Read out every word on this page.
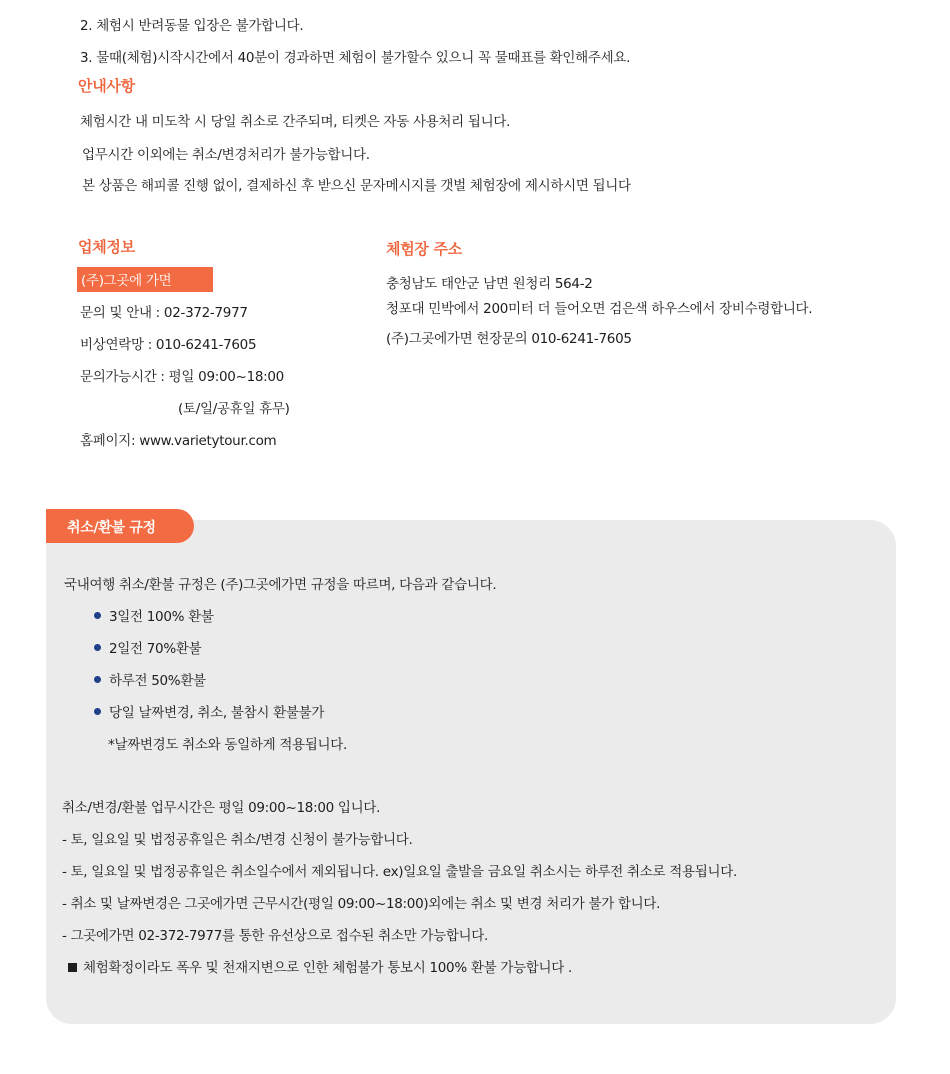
2. 체험시 반려동물 입장은 불가합니다.
3. 물때(체험)시작시간에서 40분이 경과하면 체험이 불가할수 있으니 꼭 물때표를 확인해주세요.
안내사항
체험시간 내 미도착 시 당일 취소로 간주되며, 티켓은 자동 사용처리 됩니다.
업무시간 이외에는 취소/변경처리가 불가능합니다.
본 상품은 해피콜 진행 없이, 결제하신 후 받으신 문자메시지를 갯벌 체험장에 제시하시면 됩니다
업체정보
(주)그곳에 가면
문의 및 안내 : 02-372-7977
비상연락망 : 010-6241-7605
문의가능시간 : 평일 09:00~18:00
(토/일/공휴일 휴무)
홈페이지: www.varietytour.com
체험장 주소
충청남도 태안군 남면 원청리 564-2
청포대 민박에서 200미터 더 들어오면 검은색 하우스에서 장비수령합니다.
(주)그곳에가면 현장문의 010-6241-7605
취소/환불 규정
국내여행 취소/환불 규정은 (주)그곳에가면 규정을 따르며, 다음과 같습니다.
3일전 100% 환불
2일전 70%환불
하루전 50%환불
당일 날짜변경, 취소, 불참시 환불불가
*날짜변경도 취소와 동일하게 적용됩니다.
취소/변경/환불 업무시간은 평일 09:00~18:00 입니다.
- 토, 일요일 및 법정공휴일은 취소/변경 신청이 불가능합니다.
- 토, 일요일 및 법정공휴일은 취소일수에서 제외됩니다. ex)일요일 출발을 금요일 취소시는 하루전 취소로 적용됩니다.
- 취소 및 날짜변경은 그곳에가면 근무시간(평일 09:00~18:00)외에는 취소 및 변경 처리가 불가 합니다.
- 그곳에가면 02-372-7977를 통한 유선상으로 접수된 취소만 가능합니다.
체험확정이라도 폭우 및 천재지변으로 인한 체험불가 통보시 100% 환불 가능합니다 .
